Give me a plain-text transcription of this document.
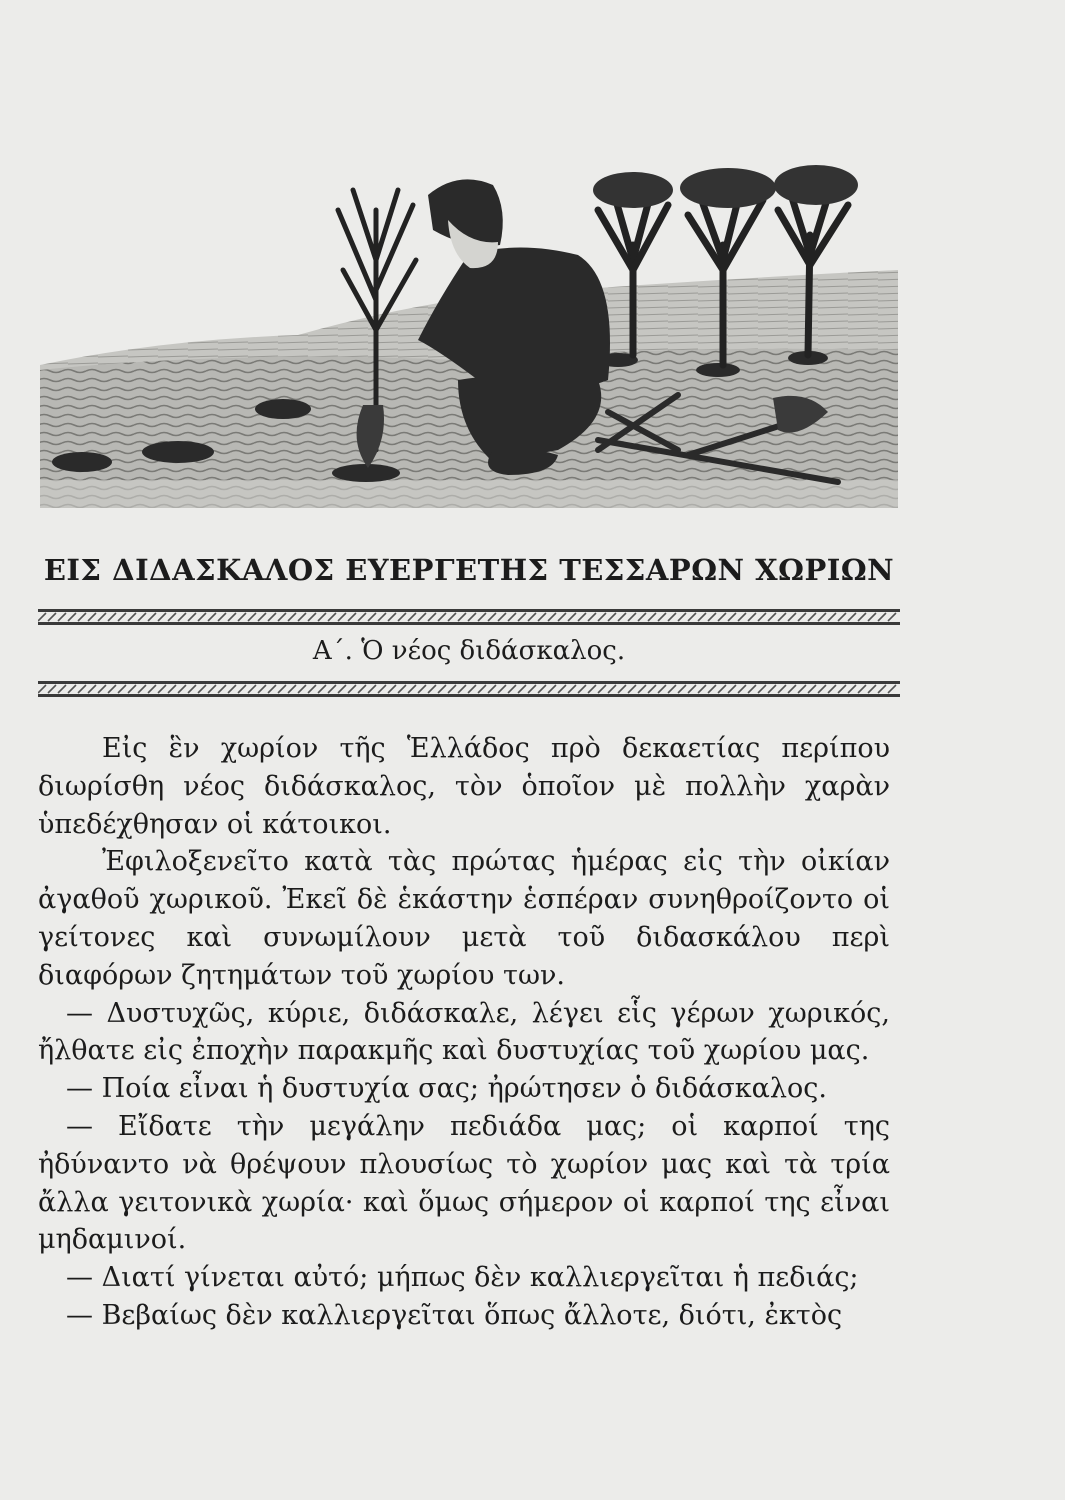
ΕΙΣ ΔΙΔΑΣΚΑΛΟΣ ΕΥΕΡΓΕΤΗΣ ΤΕΣΣΑΡΩΝ ΧΩΡΙΩΝ
Α΄. Ὁ νέος διδάσκαλος.

Εἰς ἓν χωρίον τῆς Ἑλλάδος πρὸ δεκαετίας περίπου διωρίσθη νέος διδάσκαλος, τὸν ὁποῖον μὲ πολλὴν χαρὰν ὑπεδέχθησαν οἱ κάτοικοι.

Ἐφιλοξενεῖτο κατὰ τὰς πρώτας ἡμέρας εἰς τὴν οἰκίαν ἀγαθοῦ χωρικοῦ. Ἐκεῖ δὲ ἑκάστην ἑσπέραν συνηθροίζοντο οἱ γείτονες καὶ συνωμίλουν μετὰ τοῦ διδασκάλου περὶ διαφόρων ζητημάτων τοῦ χωρίου των.

— Δυστυχῶς, κύριε, διδάσκαλε, λέγει εἷς γέρων χωρικός, ἤλθατε εἰς ἐποχὴν παρακμῆς καὶ δυστυχίας τοῦ χωρίου μας.

— Ποία εἶναι ἡ δυστυχία σας; ἠρώτησεν ὁ διδάσκαλος.

— Εἴδατε τὴν μεγάλην πεδιάδα μας; οἱ καρποί της ἠδύναντο νὰ θρέψουν πλουσίως τὸ χωρίον μας καὶ τὰ τρία ἄλλα γειτονικὰ χωρία· καὶ ὅμως σήμερον οἱ καρποί της εἶναι μηδαμινοί.

— Διατί γίνεται αὐτό; μήπως δὲν καλλιεργεῖται ἡ πεδιάς;

— Βεβαίως δὲν καλλιεργεῖται ὅπως ἄλλοτε, διότι, ἐκτὸς
